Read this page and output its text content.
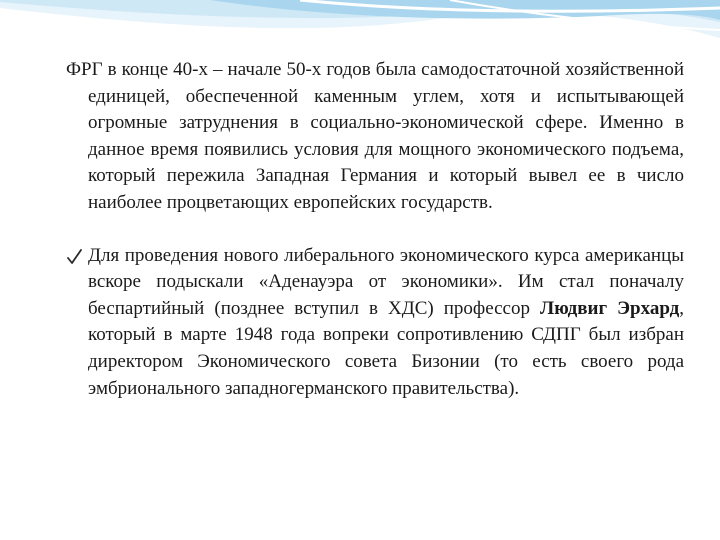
ФРГ в конце 40-х – начале 50-х годов была самодостаточной хозяйственной единицей, обеспеченной каменным углем, хотя и испытывающей огромные затруднения в социально-экономической сфере. Именно в данное время появились условия для мощного экономического подъема, который пережила Западная Германия и который вывел ее в число наиболее процветающих европейских государств.

Для проведения нового либерального экономического курса американцы вскоре подыскали «Аденауэра от экономики». Им стал поначалу беспартийный (позднее вступил в ХДС) профессор Людвиг Эрхард, который в марте 1948 года вопреки сопротивлению СДПГ был избран директором Экономического совета Бизонии (то есть своего рода эмбрионального западногерманского правительства).
